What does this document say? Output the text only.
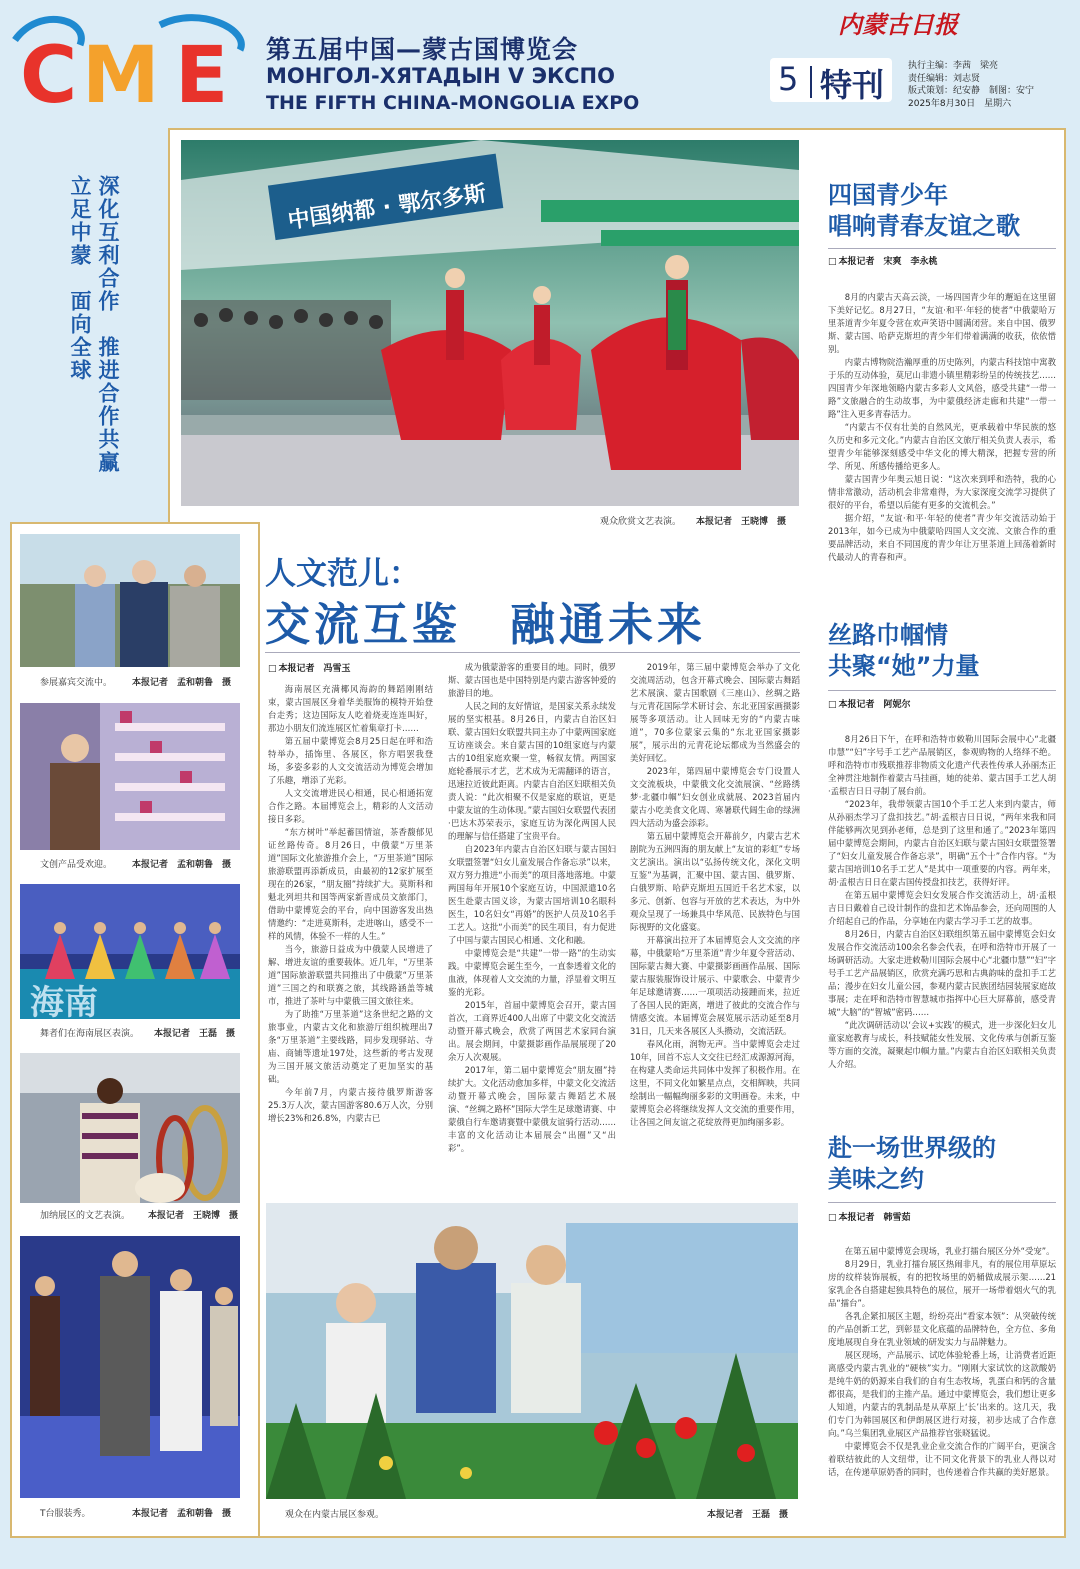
C M E 第五届中国—蒙古国博览会
МОНГОЛ-ХЯТАДЫН V ЭКСПО
THE FIFTH CHINA-MONGOLIA EXPO
内蒙古日报
5 特刊	执行主编：李茜　梁亮
责任编辑：刘志贤
版式策划：纪安静　制图：安宁
2025年8月30日　星期六
深化互利合作　推进合作共赢
立足中蒙　面向全球	中国纳都 · 鄂尔多斯
观众欣赏文艺表演。 本报记者　王晓博　摄
参展嘉宾交流中。 本报记者　孟和朝鲁　摄
文创产品受欢迎。 本报记者　孟和朝鲁　摄
海南
舞者们在海南展区表演。 本报记者　王磊　摄
加纳展区的文艺表演。 本报记者　王晓博　摄
T台服装秀。	本报记者　孟和朝鲁　摄
人文范儿：
交流互鉴　融通未来
□ 本报记者　冯雪玉

海南展区充满椰风海韵的舞蹈刚刚结束，蒙古国展区身着华美服饰的模特开始登台走秀；这边国际友人吃着烧麦连连叫好，那边小朋友们流连展区忙着集章打卡……

第五届中蒙博览会8月25日起在呼和浩特举办，插饰里、各展区，你方唱罢我登场，多姿多彩的人文交流活动为博览会增加了乐趣，增添了光彩。

人文交流增进民心相通，民心相通拓宽合作之路。本届博览会上，精彩的人文活动接日多彩。

“东方树叶”举起蓄国情谊，茶香馥郁见证丝路传奇。8月26日，中俄蒙“万里茶道”国际文化旅游推介会上，“万里茶道”国际旅游联盟再添新成员，由最初的12家扩展至现在的26家，“朋友圈”持续扩大。莫斯科和魁北列坦共和国等两家新晋成员文旅部门，借助中蒙博览会的平台，向中国游客发出热情邀约：“走进莫斯科，走进喀山，感受不一样的风情，体验不一样的人生。”

当今，旅游日益成为中俄蒙人民增进了解、增进友谊的重要载体。近几年，“万里茶道”国际旅游联盟共同推出了中俄蒙“万里茶道”三国之约和联赛之旅，其线路涵盖等城市，推进了茶叶与中蒙俄三国文旅往来。

为了助推“万里茶道”这条世纪之路的文旅事业，内蒙古文化和旅游厅组织梳理出7条“万里茶道”主要线路，同步发现驿站、寺庙、商铺等遗址197处，这些新的考古发现为三国开展文旅活动奠定了更加坚实的基础。

今年前7月，内蒙古接待俄罗斯游客25.3万人次，蒙古国游客80.6万人次，分别增长23%和26.8%，内蒙古已

成为俄蒙游客的重要目的地。同时，俄罗斯、蒙古国也是中国特别是内蒙古游客钟爱的旅游目的地。

人民之间的友好情谊，是国家关系永续发展的坚实根基。8月26日，内蒙古自治区妇联、蒙古国妇女联盟共同主办了中蒙两国家庭互访座谈会。来自蒙古国的10组家庭与内蒙古的10组家庭欢聚一堂，畅叙友情。两国家庭轮番展示才艺，艺术成为无需翻译的语言，迅速拉近彼此距离。内蒙古自治区妇联相关负责人说：“此次相聚不仅是家庭的联谊，更是中蒙友谊的生动体现。”蒙古国妇女联盟代表团·巴达木苏荣表示，家庭互访为深化两国人民的理解与信任搭建了宝贵平台。

自2023年内蒙古自治区妇联与蒙古国妇女联盟签署“妇女儿童发展合作备忘录”以来，双方努力推进“小而美”的项目落地落地。中蒙两国每年开展10个家庭互访，中国派遣10名医生赴蒙古国义诊，为蒙古国培训10名眼科医生，10名妇女“再婚”的医护人员及10名手工艺人。这批“小而美”的民生项目，有力促进了中国与蒙古国民心相通、文化和融。

中蒙博览会是“共建”一带一路”的生动实践。中蒙博览会诞生至今，一直参透着文化的血液，体现着人文交流的力量，浮显着文明互鉴的光彩。

2015年，首届中蒙博览会召开，蒙古国首次，工商界近400人出席了中蒙文化交流活动暨开幕式晚会，欣赏了两国艺术家同台演出。展会期间，中蒙摄影画作品展展现了20余万人次观展。

2017年，第二届中蒙博览会“朋友圈”持续扩大。文化活动愈加多样，中蒙文化交流活动暨开幕式晚会，国际蒙古舞蹈艺术展演、“丝绸之路杯”国际大学生足球邀请赛、中蒙俄自行车邀请赛暨中蒙俄友谊骑行活动……丰富的文化活动让本届展会“出圈”又“出彩”。

2019年，第三届中蒙博览会举办了文化交流周活动，包含开幕式晚会、国际蒙古舞蹈艺术展演、蒙古国歌剧《三座山》、丝绸之路与元青花国际学术研讨会、东北亚国家画摄影展等多项活动。让人回味无穷的“内蒙古味道”，70多位蒙家云集的“东北亚国家摄影展”，展示出的元青花论坛都成为当然盛会的美好回忆。

2023年，第四届中蒙博览会专门设置人文交流板块，中蒙俄文化交流展演、“丝路绣梦·北疆巾帼”妇女创业成就展、2023首届内蒙古小吃美食文化周、寒暑联代阔生命的绿洲四大活动为盛会添彩。

第五届中蒙博览会开幕前夕，内蒙古艺术剧院为五洲四海的朋友献上“友谊的彩虹”专场文艺演出。演出以“弘扬传统文化，深化文明互鉴”为基调，汇聚中国、蒙古国、俄罗斯、白俄罗斯、哈萨克斯坦五国近千名艺术家，以多元、创新、包容与开放的艺术表达，为中外观众呈现了一场兼具中华风范、民族特色与国际视野的文化盛宴。

开幕演出拉开了本届博览会人文交流的序幕，中俄蒙哈“万里茶道”青少年夏令营活动、国际蒙古舞大赛、中蒙摄影画画作品展、国际蒙古服装服饰设计展示、中蒙歌会、中蒙青少年足球邀请赛……一项项活动接踵而来，拉近了各国人民的距离，增进了彼此的交流合作与情感交流。本届博览会展览展示活动延至8月31日，几天来各展区人头攒动，交流活跃。

春风化雨，润物无声。当中蒙博览会走过10年，回首不忘人文交往已经汇成源源河海，在构建人类命运共同体中发挥了积极作用。在这里，不同文化如繁星点点，交相辉映，共同绘制出一幅幅绚丽多彩的文明画卷。未来，中蒙博览会必将继续发挥人文交流的重要作用，让各国之间友谊之花绽放得更加绚丽多彩。

观众在内蒙古展区参观。	本报记者　王磊　摄
四国青少年
唱响青春友谊之歌
□ 本报记者　宋爽　李永桃

8月的内蒙古天高云淡，一场四国青少年的邂逅在这里留下美好记忆。8月27日，“友谊·和平·年轻的使者”中俄蒙哈万里茶道青少年夏令营在欢声笑语中圆满闭营。来自中国、俄罗斯、蒙古国、哈萨克斯坦的青少年们带着满满的收获，依依惜别。

内蒙古博物院浩瀚厚重的历史陈列，内蒙古科技馆中寓教于乐的互动体验，莫尼山非遗小镇里精彩纷呈的传统技艺……四国青少年深地领略内蒙古多彩人文风俗，感受共建“一带一路”文旅融合的生动故事，为中蒙俄经济走廊和共建“一带一路”注入更多青春活力。

“内蒙古不仅有壮美的自然风光，更承载着中华民族的悠久历史和多元文化。”内蒙古自治区文旅厅相关负责人表示，希望青少年能够深刻感受中华文化的博大精深，把握专营的所学、所见、所感传播给更多人。

蒙古国青少年奥云旭日说：“这次来到呼和浩特，我的心情非常激动，活动机会非常难得，为大家深度交流学习提供了很好的平台，希望以后能有更多的交流机会。”

据介绍，“友谊·和平·年轻的使者”青少年交流活动始于2013年，如今已成为中俄蒙哈四国人文交流、文旅合作的重要品牌活动，来自不同国度的青少年让万里茶道上回荡着新时代最动人的青春和声。

丝路巾帼情
共聚“她”力量
□ 本报记者　阿妮尔

8月26日下午，在呼和浩特市敕勒川国际会展中心“北疆巾慧”“妇”字号手工艺产品展销区，参观购物的人络绎不绝。呼和浩特市市残联推荐非物质文化遗产代表性传承人孙丽杰正全神贯注地制作着蒙古马挂画，她的徒弟、蒙古国手工艺人胡·孟根吉日日寻制了展台前。

“2023年，我带领蒙古国10个手工艺人来到内蒙古，师从孙丽杰学习了盘扣技艺。”胡·孟根吉日日说，“两年来我和同伴能够两次见到孙老师，总是到了这里和通了。”2023年第四届中蒙博览会期间，内蒙古自治区妇联与蒙古国妇女联盟签署了“妇女儿童发展合作备忘录”，明确“五个十”合作内容。“为蒙古国培训10名手工艺人”是其中一项重要的内容。两年来，胡·孟根吉日日在蒙古国传授盘扣技艺，获得好评。

在第五届中蒙博览会妇女发展合作交流活动上，胡·孟根吉日日戴着自己设计制作的盘扣艺术饰品参会，还向周围的人介绍起自己的作品，分享她在内蒙古学习手工艺的故事。

8月26日，内蒙古自治区妇联组织第五届中蒙博览会妇女发展合作交流活动100余名参会代表，在呼和浩特市开展了一场调研活动。大家走进敕勒川国际会展中心“北疆巾慧”“妇”字号手工艺产品展销区，欣赏充满巧思和古典韵味的盘扣手工艺品；漫步在妇女儿童公园，参观内蒙古民族团结园装展家庭故事展；走在呼和浩特市智慧城市指挥中心巨大屏幕前，感受青城“大脑”的“智城”密码……

“此次调研活动以‘会议+实践’的模式，进一步深化妇女儿童家庭教育与成长，科技赋能女性发展、文化传承与创新互鉴等方面的交流，凝聚起巾帼力量。”内蒙古自治区妇联相关负责人介绍。

赴一场世界级的
美味之约
□ 本报记者　韩雪茹

在第五届中蒙博览会现场，乳业打擂台展区分外“受宠”。

8月29日，乳业打擂台展区热闹非凡，有的展位用草原坛房的纹样装饰展板，有的把牧场里的奶桶做成展示架……21家乳企各自搭建起独具特色的展位，展开一场带着烟火气的乳品“擂台”。

各乳企紧扣展区主题，纷纷亮出“看家本领”：从突破传统的产品创新工艺，到彰显文化底蕴的品牌特色，全方位、多角度地展现自身在乳业领域的研发实力与品牌魅力。

展区现场，产品展示、试吃体验轮番上场，让消费者近距离感受内蒙古乳业的“硬核”实力。“刚刚大家试饮的这款酸奶是纯牛奶的奶源来自我们的自有生态牧场，乳蛋白和钙的含量都很高，是我们的主推产品。通过中蒙博览会，我们想让更多人知道，内蒙古的乳制品是从草原上‘长’出来的。这几天，我们专门为韩国展区和伊朗展区进行对接，初步达成了合作意向。”乌兰集团乳业展区产品推荐官张晓猛说。

中蒙博览会不仅是乳业企业交流合作的广阔平台，更演含着联结彼此的人文纽带，让不同文化背景下的乳业人得以对话，在传递草原奶香的同时，也传递着合作共赢的美好愿景。
